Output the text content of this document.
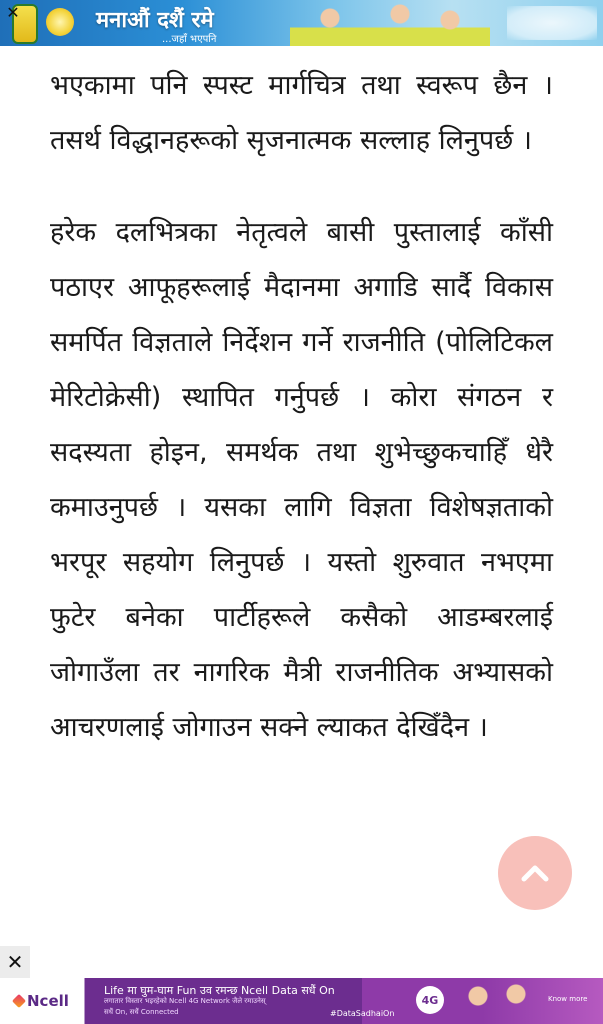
मनाऔं दशैं रमे
...जहाँ भएपनि
✕

भएकामा पनि स्पस्ट मार्गचित्र तथा स्वरूप छैन । तसर्थ विद्धानहरूको सृजनात्मक सल्लाह लिनुपर्छ ।

हरेक दलभित्रका नेतृत्वले बासी पुस्तालाई काँसी पठाएर आफूहरूलाई मैदानमा अगाडि सार्दै विकास समर्पित विज्ञताले निर्देशन गर्ने राजनीति (पोलिटिकल मेरिटोक्रेसी) स्थापित गर्नुपर्छ । कोरा संगठन र सदस्यता होइन, समर्थक तथा शुभेच्छुकचाहिँ धेरै कमाउनुपर्छ । यसका लागि विज्ञता विशेषज्ञताको भरपूर सहयोग लिनुपर्छ । यस्तो शुरुवात नभएमा फुटेर बनेका पार्टीहरूले कसैको आडम्बरलाई जोगाउँला तर नागरिक मैत्री राजनीतिक अभ्यासको आचरणलाई जोगाउन सक्ने ल्याकत देखिँदैन ।

✕
Ncell
Life मा घुम-घाम Fun उव रमन्छ Ncell Data सधैं On
लगातार विस्तार भइरहेको Ncell 4G Network जैले रमाउनेस्
सधैं On, सधैं Connected	#DataSadhaiOn
4G	Know more
